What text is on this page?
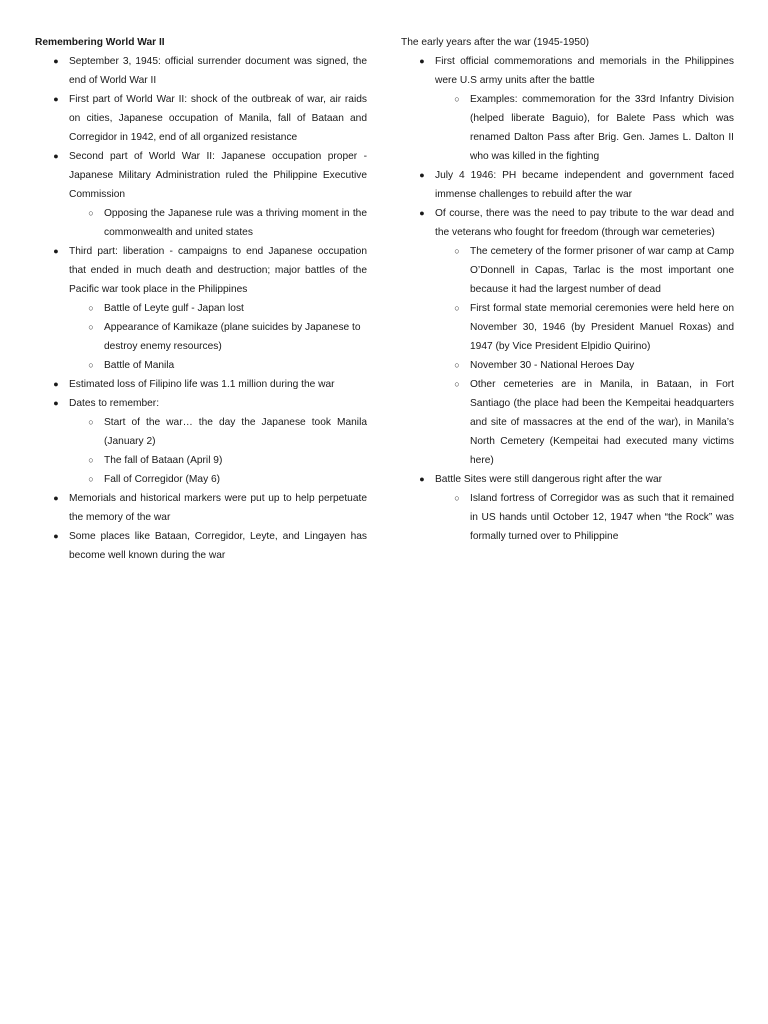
Remembering World War II

● September 3, 1945: official surrender document was signed, the end of World War II
● First part of World War II: shock of the outbreak of war, air raids on cities, Japanese occupation of Manila, fall of Bataan and Corregidor in 1942, end of all organized resistance
● Second part of World War II: Japanese occupation proper - Japanese Military Administration ruled the Philippine Executive Commission
○ Opposing the Japanese rule was a thriving moment in the commonwealth and united states
● Third part: liberation - campaigns to end Japanese occupation that ended in much death and destruction; major battles of the Pacific war took place in the Philippines
○ Battle of Leyte gulf - Japan lost
○ Appearance of Kamikaze (plane suicides by Japanese to destroy enemy resources)
○ Battle of Manila
● Estimated loss of Filipino life was 1.1 million during the war
● Dates to remember:
○ Start of the war… the day the Japanese took Manila (January 2)
○ The fall of Bataan (April 9)
○ Fall of Corregidor (May 6)
● Memorials and historical markers were put up to help perpetuate the memory of the war
● Some places like Bataan, Corregidor, Leyte, and Lingayen has become well known during the war

The early years after the war (1945-1950)

● First official commemorations and memorials in the Philippines were U.S army units after the battle
○ Examples: commemoration for the 33rd Infantry Division (helped liberate Baguio), for Balete Pass which was renamed Dalton Pass after Brig. Gen. James L. Dalton II who was killed in the fighting
● July 4 1946: PH became independent and government faced immense challenges to rebuild after the war
● Of course, there was the need to pay tribute to the war dead and the veterans who fought for freedom (through war cemeteries)
○ The cemetery of the former prisoner of war camp at Camp O’Donnell in Capas, Tarlac is the most important one because it had the largest number of dead
○ First formal state memorial ceremonies were held here on November 30, 1946 (by President Manuel Roxas) and 1947 (by Vice President Elpidio Quirino)
○ November 30 - National Heroes Day
○ Other cemeteries are in Manila, in Bataan, in Fort Santiago (the place had been the Kempeitai headquarters and site of massacres at the end of the war), in Manila’s North Cemetery (Kempeitai had executed many victims here)
● Battle Sites were still dangerous right after the war
○ Island fortress of Corregidor was as such that it remained in US hands until October 12, 1947 when “the Rock” was formally turned over to Philippine
